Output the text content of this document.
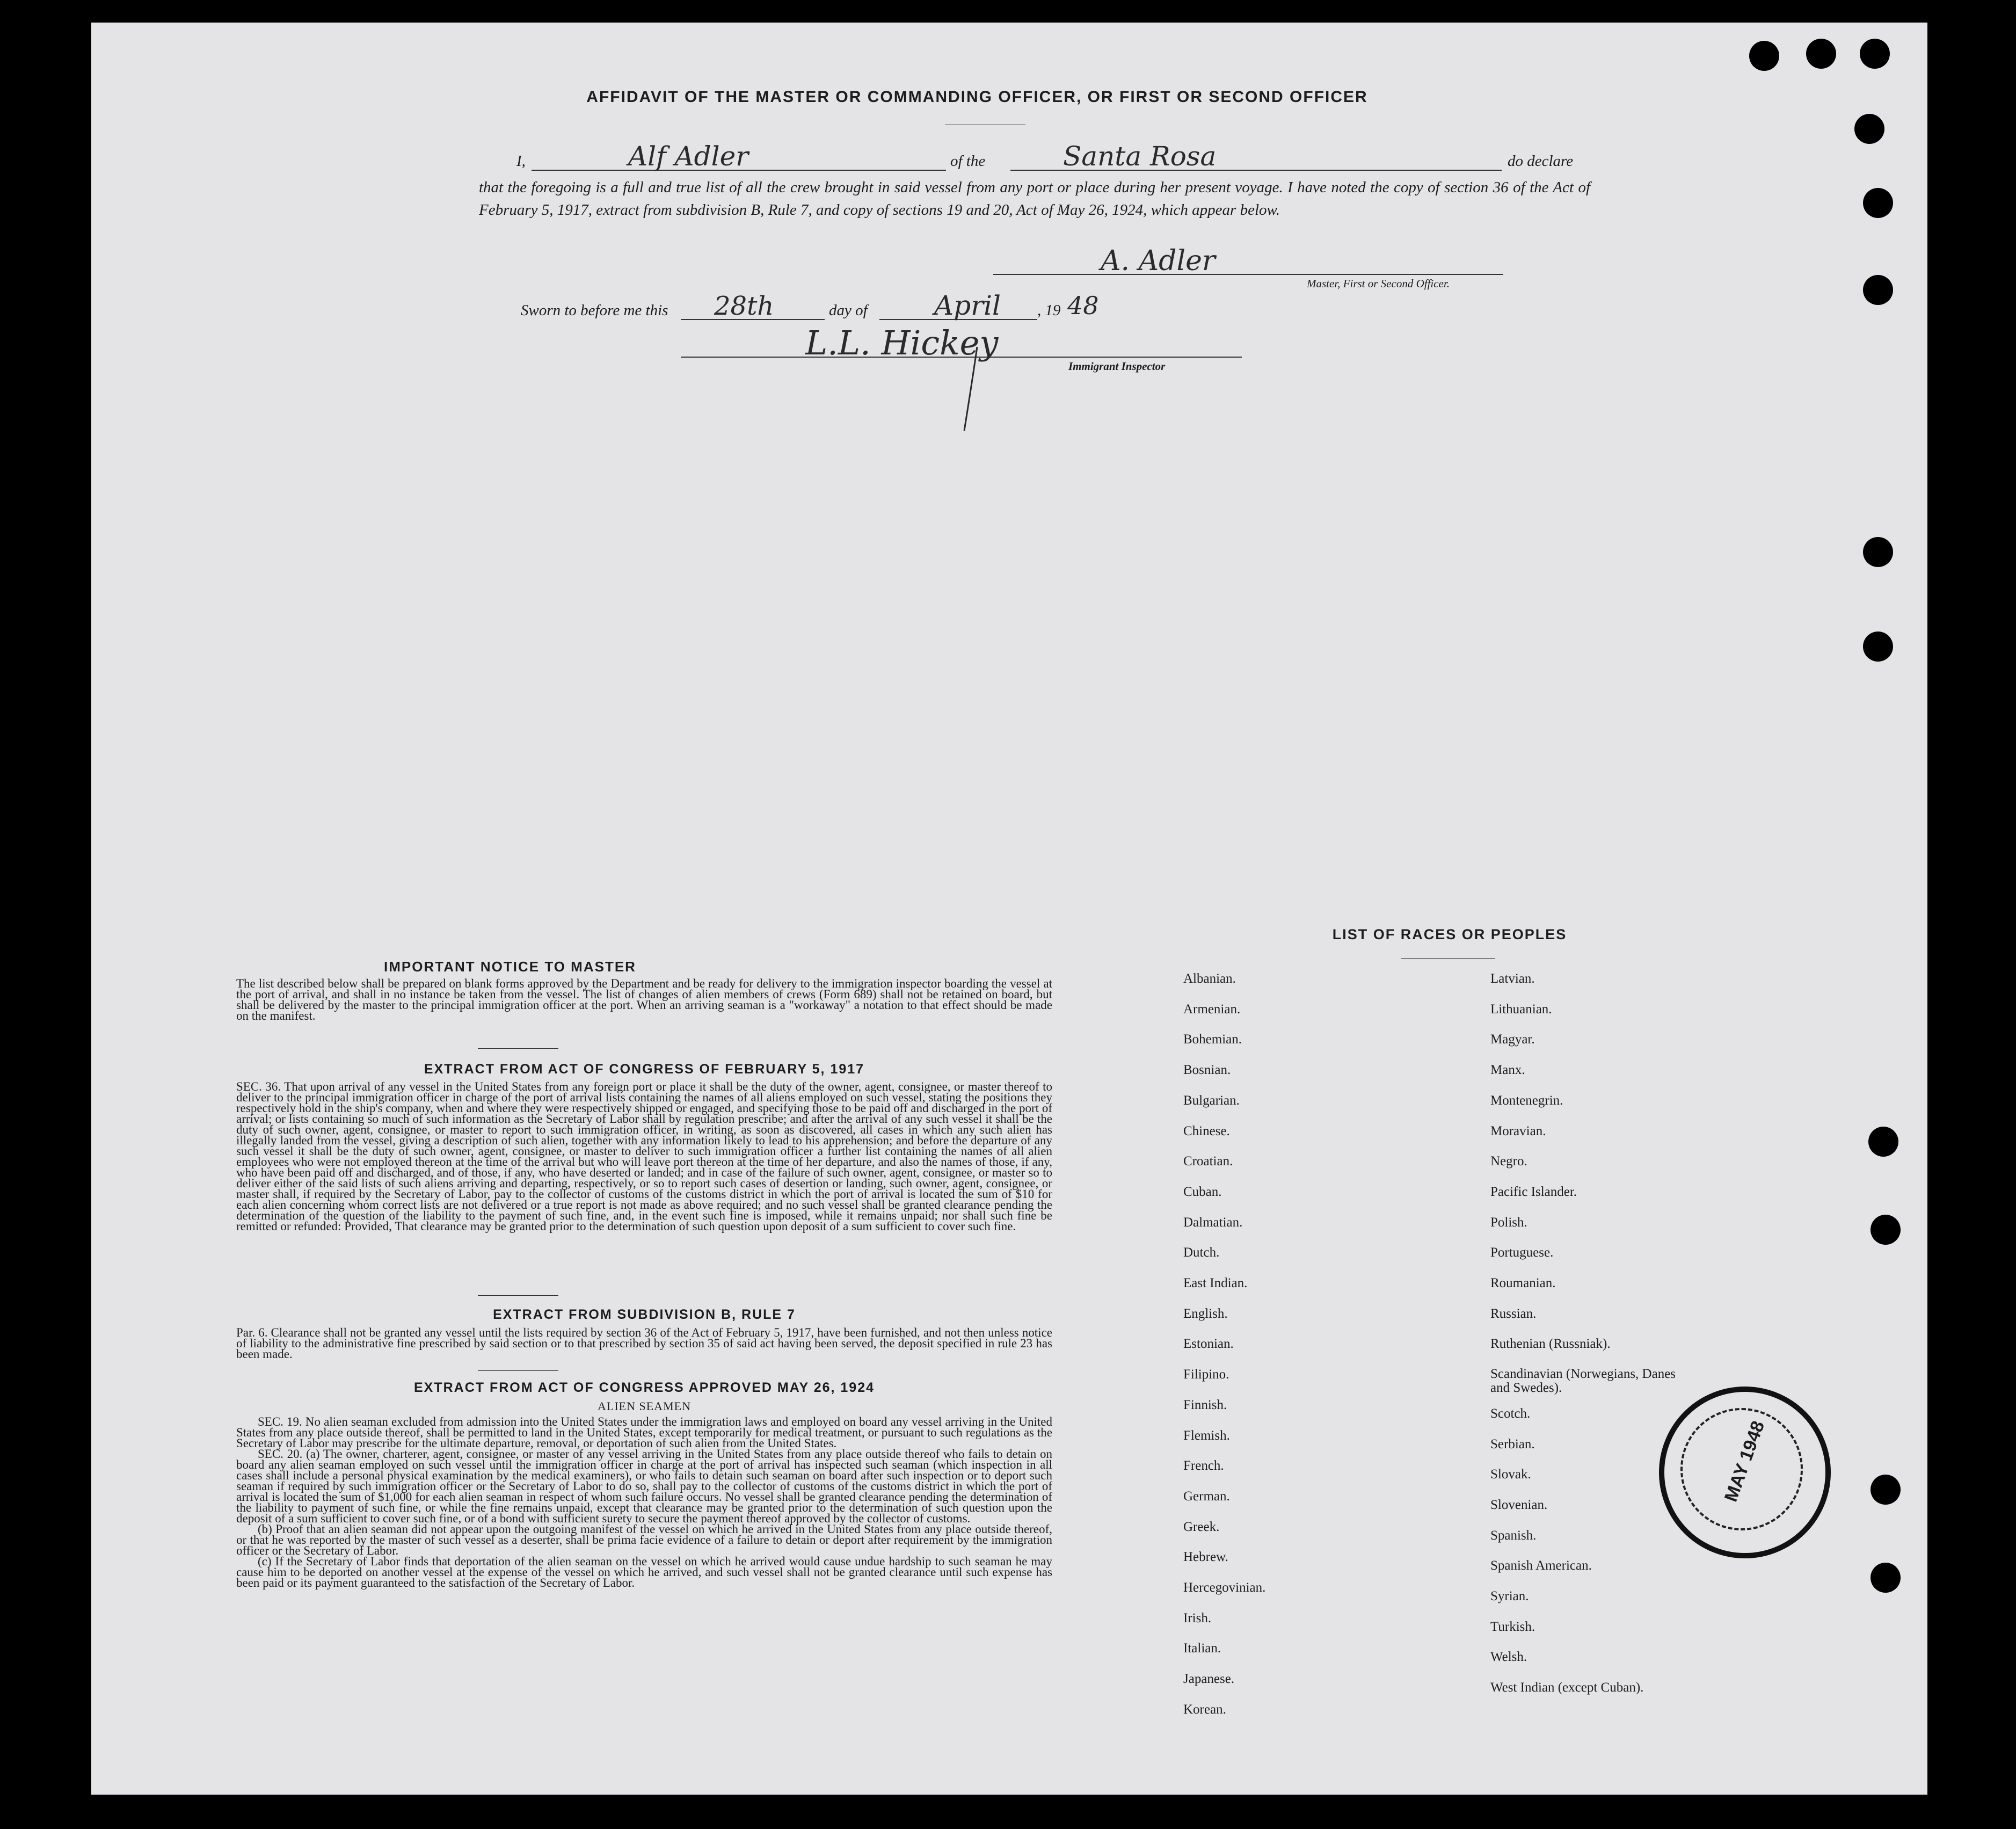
AFFIDAVIT OF THE MASTER OR COMMANDING OFFICER, OR FIRST OR SECOND OFFICER
I,	Alf Adler	of the	Santa Rosa	do declare
that the foregoing is a full and true list of all the crew brought in said vessel from any port or place during her present voyage. I have noted the copy of section 36 of the Act of February 5, 1917, extract from subdivision B, Rule 7, and copy of sections 19 and 20, Act of May 26, 1924, which appear below.
A. Adler
Master, First or Second Officer.
Sworn to before me this 28th	day of April , 19 48
L.L. Hickey
Immigrant Inspector
IMPORTANT NOTICE TO MASTER
The list described below shall be prepared on blank forms approved by the Department and be ready for delivery to the immigration inspector boarding the vessel at the port of arrival, and shall in no instance be taken from the vessel. The list of changes of alien members of crews (Form 689) shall not be retained on board, but shall be delivered by the master to the principal immigration officer at the port. When an arriving seaman is a "workaway" a notation to that effect should be made on the manifest.
EXTRACT FROM ACT OF CONGRESS OF FEBRUARY 5, 1917
SEC. 36. That upon arrival of any vessel in the United States from any foreign port or place it shall be the duty of the owner, agent, consignee, or master thereof to deliver to the principal immigration officer in charge of the port of arrival lists containing the names of all aliens employed on such vessel, stating the positions they respectively hold in the ship's company, when and where they were respectively shipped or engaged, and specifying those to be paid off and discharged in the port of arrival; or lists containing so much of such information as the Secretary of Labor shall by regulation prescribe; and after the arrival of any such vessel it shall be the duty of such owner, agent, consignee, or master to report to such immigration officer, in writing, as soon as discovered, all cases in which any such alien has illegally landed from the vessel, giving a description of such alien, together with any information likely to lead to his apprehension; and before the departure of any such vessel it shall be the duty of such owner, agent, consignee, or master to deliver to such immigration officer a further list containing the names of all alien employees who were not employed thereon at the time of the arrival but who will leave port thereon at the time of her departure, and also the names of those, if any, who have been paid off and discharged, and of those, if any, who have deserted or landed; and in case of the failure of such owner, agent, consignee, or master so to deliver either of the said lists of such aliens arriving and departing, respectively, or so to report such cases of desertion or landing, such owner, agent, consignee, or master shall, if required by the Secretary of Labor, pay to the collector of customs of the customs district in which the port of arrival is located the sum of $10 for each alien concerning whom correct lists are not delivered or a true report is not made as above required; and no such vessel shall be granted clearance pending the determination of the question of the liability to the payment of such fine, and, in the event such fine is imposed, while it remains unpaid; nor shall such fine be remitted or refunded: Provided, That clearance may be granted prior to the determination of such question upon deposit of a sum sufficient to cover such fine.
EXTRACT FROM SUBDIVISION B, RULE 7
Par. 6. Clearance shall not be granted any vessel until the lists required by section 36 of the Act of February 5, 1917, have been furnished, and not then unless notice of liability to the administrative fine prescribed by said section or to that prescribed by section 35 of said act having been served, the deposit specified in rule 23 has been made.
EXTRACT FROM ACT OF CONGRESS APPROVED MAY 26, 1924
ALIEN SEAMEN
SEC. 19. No alien seaman excluded from admission into the United States under the immigration laws and employed on board any vessel arriving in the United States from any place outside thereof, shall be permitted to land in the United States, except temporarily for medical treatment, or pursuant to such regulations as the Secretary of Labor may prescribe for the ultimate departure, removal, or deportation of such alien from the United States.
SEC. 20. (a) The owner, charterer, agent, consignee, or master of any vessel arriving in the United States from any place outside thereof who fails to detain on board any alien seaman employed on such vessel until the immigration officer in charge at the port of arrival has inspected such seaman (which inspection in all cases shall include a personal physical examination by the medical examiners), or who fails to detain such seaman on board after such inspection or to deport such seaman if required by such immigration officer or the Secretary of Labor to do so, shall pay to the collector of customs of the customs district in which the port of arrival is located the sum of $1,000 for each alien seaman in respect of whom such failure occurs. No vessel shall be granted clearance pending the determination of the liability to payment of such fine, or while the fine remains unpaid, except that clearance may be granted prior to the determination of such question upon the deposit of a sum sufficient to cover such fine, or of a bond with sufficient surety to secure the payment thereof approved by the collector of customs.
(b) Proof that an alien seaman did not appear upon the outgoing manifest of the vessel on which he arrived in the United States from any place outside thereof, or that he was reported by the master of such vessel as a deserter, shall be prima facie evidence of a failure to detain or deport after requirement by the immigration officer or the Secretary of Labor.
(c) If the Secretary of Labor finds that deportation of the alien seaman on the vessel on which he arrived would cause undue hardship to such seaman he may cause him to be deported on another vessel at the expense of the vessel on which he arrived, and such vessel shall not be granted clearance until such expense has been paid or its payment guaranteed to the satisfaction of the Secretary of Labor.
LIST OF RACES OR PEOPLES
Albanian.
Armenian.
Bohemian.
Bosnian.
Bulgarian.
Chinese.
Croatian.
Cuban.
Dalmatian.
Dutch.
East Indian.
English.
Estonian.
Filipino.
Finnish.
Flemish.
French.
German.
Greek.
Hebrew.
Hercegovinian.
Irish.
Italian.
Japanese.
Korean.
Latvian.
Lithuanian.
Magyar.
Manx.
Montenegrin.
Moravian.
Negro.
Pacific Islander.
Polish.
Portuguese.
Roumanian.
Russian.
Ruthenian (Russniak).
Scandinavian (Norwegians, Danes and Swedes).
Scotch.
Serbian.
Slovak.
Slovenian.
Spanish.
Spanish American.
Syrian.
Turkish.
Welsh.
West Indian (except Cuban).
MAY 1948
